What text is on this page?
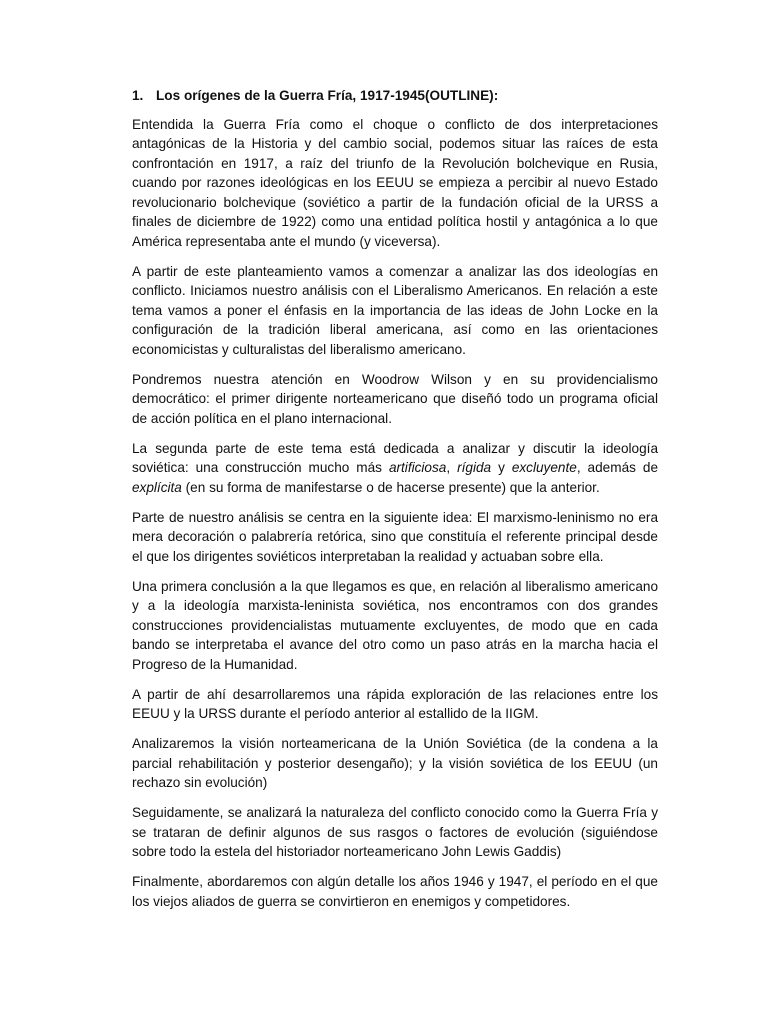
1. Los orígenes de la Guerra Fría, 1917-1945(OUTLINE):

Entendida la Guerra Fría como el choque o conflicto de dos interpretaciones antagónicas de la Historia y del cambio social, podemos situar las raíces de esta confrontación en 1917, a raíz del triunfo de la Revolución bolchevique en Rusia, cuando por razones ideológicas en los EEUU se empieza a percibir al nuevo Estado revolucionario bolchevique (soviético a partir de la fundación oficial de la URSS a finales de diciembre de 1922) como una entidad política hostil y antagónica a lo que América representaba ante el mundo (y viceversa).

A partir de este planteamiento vamos a comenzar a analizar las dos ideologías en conflicto. Iniciamos nuestro análisis con el Liberalismo Americanos. En relación a este tema vamos a poner el énfasis en la importancia de las ideas de John Locke en la configuración de la tradición liberal americana, así como en las orientaciones economicistas y culturalistas del liberalismo americano.

Pondremos nuestra atención en Woodrow Wilson y en su providencialismo democrático: el primer dirigente norteamericano que diseñó todo un programa oficial de acción política en el plano internacional.

La segunda parte de este tema está dedicada a analizar y discutir la ideología soviética: una construcción mucho más artificiosa, rígida y excluyente, además de explícita (en su forma de manifestarse o de hacerse presente) que la anterior.

Parte de nuestro análisis se centra en la siguiente idea: El marxismo-leninismo no era mera decoración o palabrería retórica, sino que constituía el referente principal desde el que los dirigentes soviéticos interpretaban la realidad y actuaban sobre ella.

Una primera conclusión a la que llegamos es que, en relación al liberalismo americano y a la ideología marxista-leninista soviética, nos encontramos con dos grandes construcciones providencialistas mutuamente excluyentes, de modo que en cada bando se interpretaba el avance del otro como un paso atrás en la marcha hacia el Progreso de la Humanidad.

A partir de ahí desarrollaremos una rápida exploración de las relaciones entre los EEUU y la URSS durante el período anterior al estallido de la IIGM.

Analizaremos la visión norteamericana de la Unión Soviética (de la condena a la parcial rehabilitación y posterior desengaño); y la visión soviética de los EEUU (un rechazo sin evolución)

Seguidamente, se analizará la naturaleza del conflicto conocido como la Guerra Fría y se trataran de definir algunos de sus rasgos o factores de evolución (siguiéndose sobre todo la estela del historiador norteamericano John Lewis Gaddis)

Finalmente, abordaremos con algún detalle los años 1946 y 1947, el período en el que los viejos aliados de guerra se convirtieron en enemigos y competidores.
